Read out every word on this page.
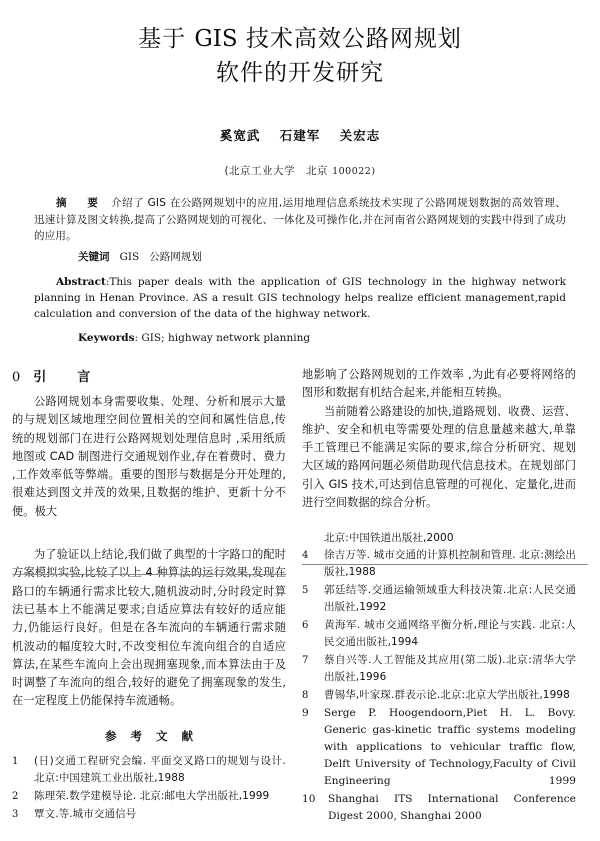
基于 GIS 技术高效公路网规划
软件的开发研究
奚宽武 石建军 关宏志
(北京工业大学　北京 100022)
摘　要 介绍了 GIS 在公路网规划中的应用,运用地理信息系统技术实现了公路网规划数据的高效管理、迅速计算及图文转换,提高了公路网规划的可视化、一体化及可操作化,并在河南省公路网规划的实践中得到了成功的应用。
关键词 GIS 公路网规划
Abstract:This paper deals with the application of GIS technology in the highway network planning in Henan Province. AS a result GIS technology helps realize efficient management,rapid calculation and conversion of the data of the highway network.
Keywords: GIS; highway network planning
0 引　言

公路网规划本身需要收集、处理、分析和展示大量的与规划区域地理空间位置相关的空间和属性信息,传统的规划部门在进行公路网规划处理信息时 ,采用纸质地图或 CAD 制图进行交通规划作业,存在着费时、费力 ,工作效率低等弊端。重要的图形与数据是分开处理的,很难达到图文并茂的效果,且数据的维护、更新十分不便。极大

为了验证以上结论,我们做了典型的十字路口的配时方案模拟实验,比较了以上 4 种算法的运行效果,发现在路口的车辆通行需求比较大,随机波动时,分时段定时算法已基本上不能满足要求;自适应算法有较好的适应能力,仍能运行良好。但是在各车流向的车辆通行需求随机波动的幅度较大时,不改变相位车流向组合的自适应算法,在某些车流向上会出现拥塞现象,而本算法由于及时调整了车流向的组合,较好的避免了拥塞现象的发生,在一定程度上仍能保持车流通畅。

参 考 文 献
1	(日)交通工程研究会编. 平面交叉路口的规划与设计. 北京:中国建筑工业出版社,1988
2	陈理荣.数学建模导论. 北京:邮电大学出版社,1999
3	覃文.等.城市交通信号

地影响了公路网规划的工作效率 ,为此有必要将网络的图形和数据有机结合起来,并能相互转换。

当前随着公路建设的加快,道路规划、收费、运营、维护、安全和机电等需要处理的信息量越来越大,单靠手工管理已不能满足实际的要求,综合分析研究、规划大区域的路网问题必须借助现代信息技术。在规划部门引入 GIS 技术,可达到信息管理的可视化、定量化,进而进行空间数据的综合分析。

北京:中国铁道出版社,2000
4	徐吉万等. 城市交通的计算机控制和管理. 北京:测绘出版社,1988
5	郭廷结等.交通运输领域重大科技决策.北京:人民交通出版社,1992
6	黄海军. 城市交通网络平衡分析,理论与实践. 北京:人民交通出版社,1994
7	蔡自兴等.人工智能及其应用(第二版).北京:清华大学出版社,1996
8	曹锡华,叶家琛.群表示论.北京:北京大学出版社,1998
9	Serge P. Hoogendoorn,Piet H. L. Bovy. Generic gas-kinetic traffic systems modeling with applications to vehicular traffic flow, Delft University of Technology,Faculty of Civil Engineering 1999
10 Shanghai ITS International Conference Digest 2000, Shanghai 2000
